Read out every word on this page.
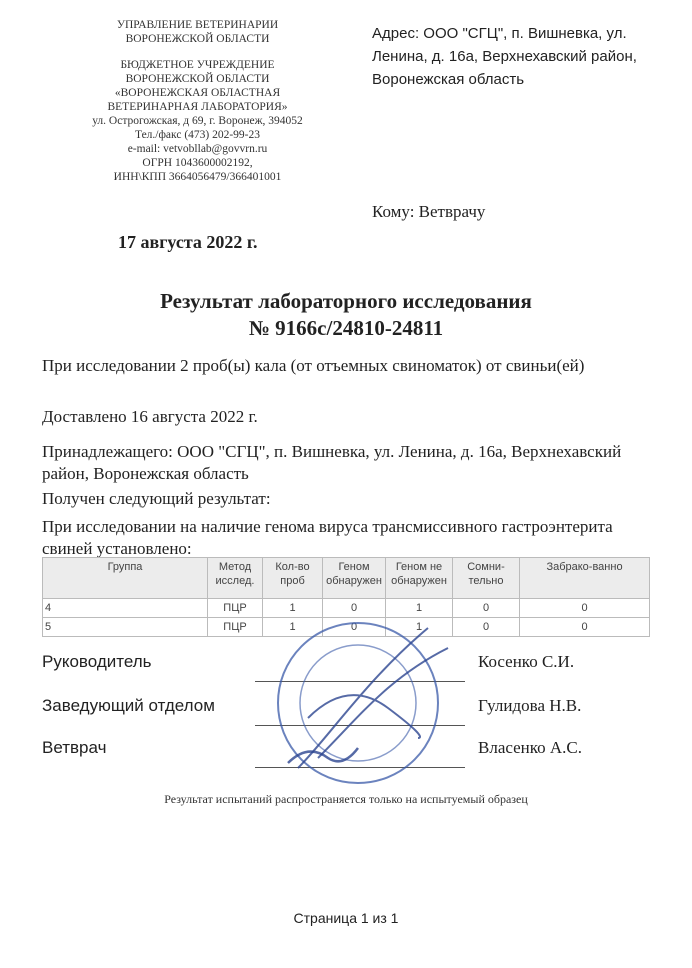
УПРАВЛЕНИЕ ВЕТЕРИНАРИИ
ВОРОНЕЖСКОЙ ОБЛАСТИ
БЮДЖЕТНОЕ УЧРЕЖДЕНИЕ
ВОРОНЕЖСКОЙ ОБЛАСТИ
«ВОРОНЕЖСКАЯ ОБЛАСТНАЯ
ВЕТЕРИНАРНАЯ ЛАБОРАТОРИЯ»
ул. Острогожская, д 69, г. Воронеж, 394052
Тел./факс (473) 202-99-23
e-mail: vetvobllab@govvrn.ru
ОГРН 1043600002192,
ИНН\КПП 3664056479/366401001
Адрес: ООО "СГЦ", п. Вишневка, ул. Ленина, д. 16а, Верхнехавский район, Воронежская область
Кому: Ветврачу
17 августа 2022 г.
Результат лабораторного исследования
№ 9166с/24810-24811
При исследовании 2 проб(ы) кала (от отъемных свиноматок) от свиньи(ей)
Доставлено 16 августа 2022 г.
Принадлежащего: ООО "СГЦ", п. Вишневка, ул. Ленина, д. 16а, Верхнехавский район, Воронежская область
Получен следующий результат:
При исследовании на наличие генома вируса трансмиссивного гастроэнтерита свиней установлено:
Группа	Метод исслед.	Кол-во проб	Геном обнаружен	Геном не обнаружен	Сомни-тельно	Забрако-ванно
4	ПЦР	1	0	1	0	0
5	ПЦР	1	0	1	0	0
Руководитель	Косенко С.И.
Заведующий отделом	Гулидова Н.В.
Ветврач	Власенко А.С.
Результат испытаний распространяется только на испытуемый образец
Страница 1 из 1
